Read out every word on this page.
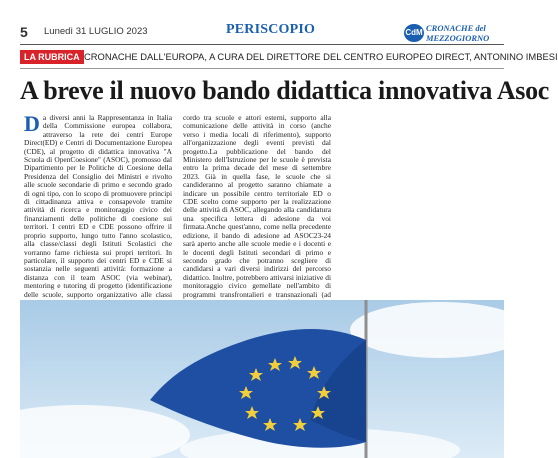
5 Lunedì 31 LUGLIO 2023	PERISCOPIO	CdM CRONACHE del
MEZZOGIORNO
LA RUBRICA CRONACHE DALL'EUROPA, A CURA DEL DIRETTORE DEL CENTRO EUROPEO DIRECT, ANTONINO IMBESI
A breve il nuovo bando didattica innovativa Asoc
Da diversi anni la Rappresentanza in Italia della Commissione europea collabora, attraverso la rete dei centri Europe Direct(ED) e Centri di Documentazione Europea (CDE), al progetto di didattica innovativa "A Scuola di OpenCoesione" (ASOC), promosso dal Dipartimento per le Politiche di Coesione della Presidenza del Consiglio dei Ministri e rivolto alle scuole secondarie di primo e secondo grado di ogni tipo, con lo scopo di promuovere principi di cittadinanza attiva e consapevole tramite attività di ricerca e monitoraggio civico dei finanziamenti delle politiche di coesione sui territori. I centri ED e CDE possono offrire il proprio supporto, lungo tutto l'anno scolastico, alla classe/classi degli Istituti Scolastici che vorranno farne richiesta sui propri territori. In particolare, il supporto dei centri ED e CDE si sostanzia nelle seguenti attività: formazione a distanza con il team ASOC (via webinar), mentoring e tutoring di progetto (identificazione delle scuole, supporto organizzativo alle classi
cordo tra scuole e attori esterni, supporto alla comunicazione delle attività in corso (anche verso i media locali di riferimento), supporto all'organizzazione degli eventi previsti dal progetto.La pubblicazione del bando del Ministero dell'Istruzione per le scuole è prevista entro la prima decade del mese di settembre 2023. Già in quella fase, le scuole che si candideranno al progetto saranno chiamate a indicare un possibile centro territoriale ED o CDE scelto come supporto per la realizzazione delle attività di ASOC, allegando alla candidatura una specifica lettera di adesione da voi firmata.Anche quest'anno, come nella precedente edizione, il bando di adesione ad ASOC23-24 sarà aperto anche alle scuole medie e i docenti e le docenti degli Istituti secondari di primo e secondo grado che potranno scegliere di candidarsi a vari diversi indirizzi del percorso didattico. Inoltre, potrebbero attivarsi iniziative di monitoraggio civico gemellate nell'ambito di programmi transfrontalieri e transnazionali (ad
